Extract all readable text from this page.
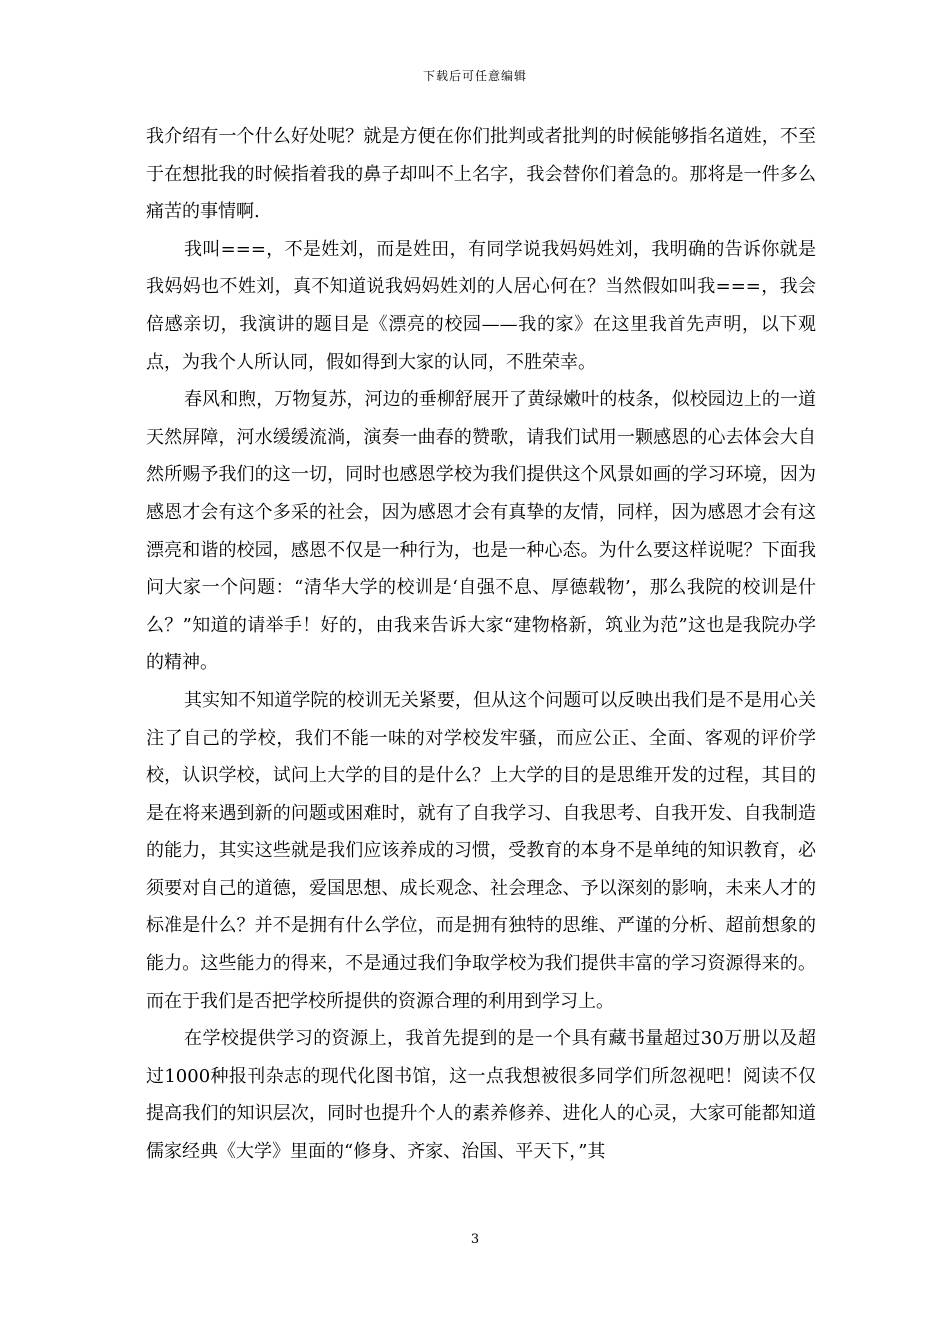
下载后可任意编辑

我介绍有一个什么好处呢？就是方便在你们批判或者批判的时候能够指名道姓，不至于在想批我的时候指着我的鼻子却叫不上名字，我会替你们着急的。那将是一件多么痛苦的事情啊.

我叫===，不是姓刘，而是姓田，有同学说我妈妈姓刘，我明确的告诉你就是我妈妈也不姓刘，真不知道说我妈妈姓刘的人居心何在？当然假如叫我===，我会倍感亲切，我演讲的题目是《漂亮的校园——我的家》在这里我首先声明，以下观点，为我个人所认同，假如得到大家的认同，不胜荣幸。

春风和煦，万物复苏，河边的垂柳舒展开了黄绿嫩叶的枝条，似校园边上的一道天然屏障，河水缓缓流淌，演奏一曲春的赞歌，请我们试用一颗感恩的心去体会大自然所赐予我们的这一切，同时也感恩学校为我们提供这个风景如画的学习环境，因为感恩才会有这个多采的社会，因为感恩才会有真挚的友情，同样，因为感恩才会有这漂亮和谐的校园，感恩不仅是一种行为，也是一种心态。为什么要这样说呢？下面我问大家一个问题：“清华大学的校训是‘自强不息、厚德载物’，那么我院的校训是什么？”知道的请举手！好的，由我来告诉大家“建物格新，筑业为范”这也是我院办学的精神。

其实知不知道学院的校训无关紧要，但从这个问题可以反映出我们是不是用心关注了自己的学校，我们不能一味的对学校发牢骚，而应公正、全面、客观的评价学校，认识学校，试问上大学的目的是什么？上大学的目的是思维开发的过程，其目的是在将来遇到新的问题或困难时，就有了自我学习、自我思考、自我开发、自我制造的能力，其实这些就是我们应该养成的习惯，受教育的本身不是单纯的知识教育，必须要对自己的道德，爱国思想、成长观念、社会理念、予以深刻的影响，未来人才的标准是什么？并不是拥有什么学位，而是拥有独特的思维、严谨的分析、超前想象的能力。这些能力的得来，不是通过我们争取学校为我们提供丰富的学习资源得来的。而在于我们是否把学校所提供的资源合理的利用到学习上。

在学校提供学习的资源上，我首先提到的是一个具有藏书量超过30万册以及超过1000种报刊杂志的现代化图书馆，这一点我想被很多同学们所忽视吧！阅读不仅提高我们的知识层次，同时也提升个人的素养修养、进化人的心灵，大家可能都知道儒家经典《大学》里面的“修身、齐家、治国、平天下，”其

3
